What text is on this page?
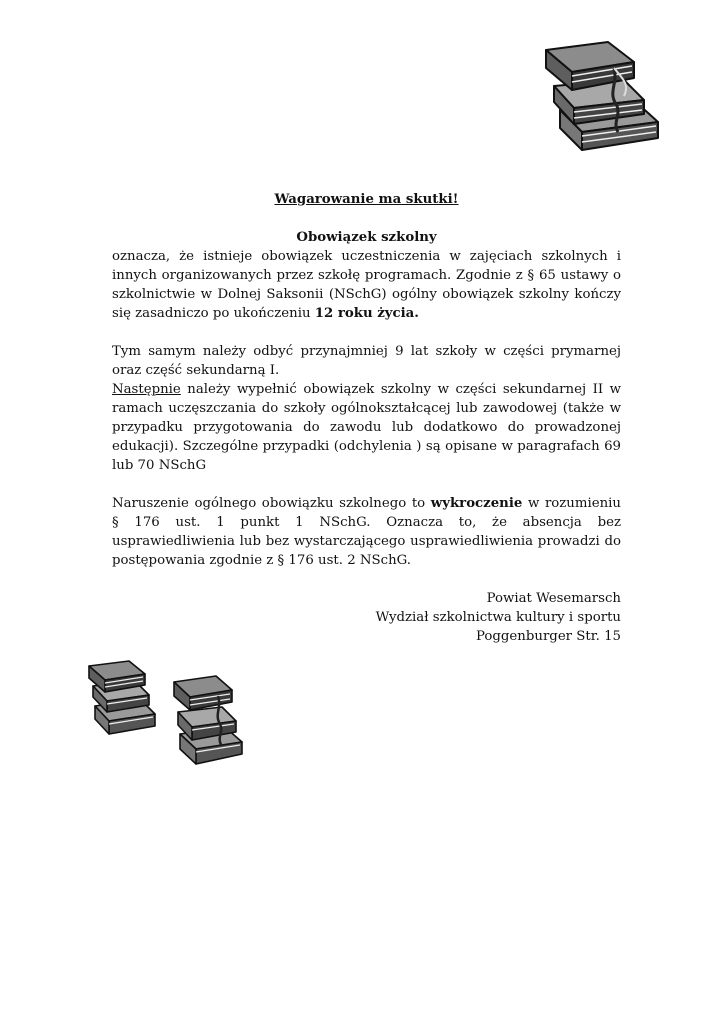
Wagarowanie ma skutki!

Obowiązek szkolny

oznacza, że istnieje obowiązek uczestniczenia w zajęciach szkolnych i innych organizowanych przez szkołę programach. Zgodnie z § 65 ustawy o szkolnictwie w Dolnej Saksonii (NSchG) ogólny obowiązek szkolny kończy się zasadniczo po ukończeniu 12 roku życia.

Tym samym należy odbyć przynajmniej 9 lat szkoły w części prymarnej oraz część sekundarną I.

Następnie należy wypełnić obowiązek szkolny w części sekundarnej II w ramach uczęszczania do szkoły ogólnokształcącej lub zawodowej (także w przypadku przygotowania do zawodu lub dodatkowo do prowadzonej edukacji). Szczególne przypadki (odchylenia ) są opisane w paragrafach 69 lub 70 NSchG

Naruszenie ogólnego obowiązku szkolnego to wykroczenie w rozumieniu § 176 ust. 1 punkt 1 NSchG. Oznacza to, że absencja bez usprawiedliwienia lub bez wystarczającego usprawiedliwienia prowadzi do postępowania zgodnie z § 176 ust. 2 NSchG.

Powiat Wesemarsch

Wydział szkolnictwa kultury i sportu

Poggenburger Str. 15
